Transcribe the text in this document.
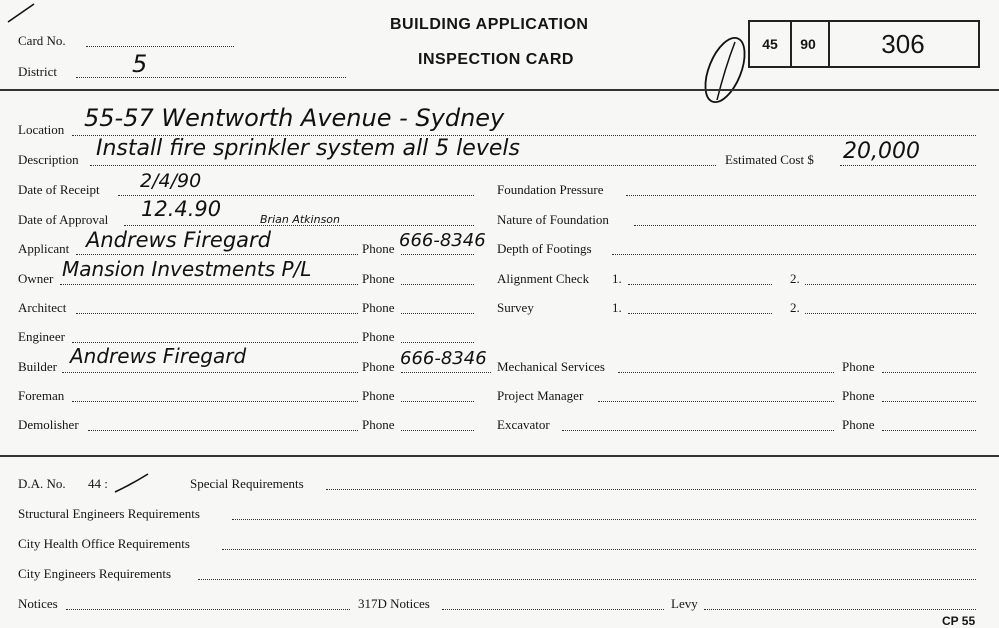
Card No.
District	5
BUILDING APPLICATION
INSPECTION CARD
45 90	306
Location 55-57 Wentworth Avenue - Sydney
Description Install fire sprinkler system all 5 levels	Estimated Cost $ 20,000
Date of Receipt 2/4/90
Date of Approval 12.4.90	Brian Atkinson
Applicant Andrews Firegard	Phone 666-8346
Owner Mansion Investments P/L	Phone
Architect	Phone
Engineer	Phone
Builder Andrews Firegard	Phone 666-8346
Foreman	Phone
Demolisher	Phone
Foundation Pressure
Nature of Foundation
Depth of Footings
Alignment Check 1.	2.
Survey	1.	2.
Mechanical Services	Phone
Project Manager	Phone
Excavator	Phone
D.A. No. 44 :	Special Requirements
Structural Engineers Requirements
City Health Office Requirements
City Engineers Requirements
Notices	317D Notices	Levy
CP 55
